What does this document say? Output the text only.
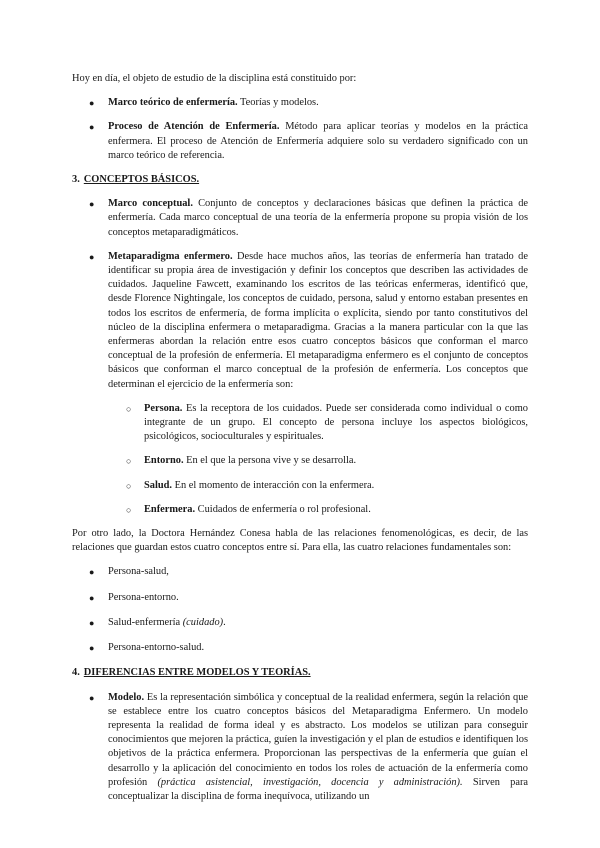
Hoy en día, el objeto de estudio de la disciplina está constituido por:

● Marco teórico de enfermería. Teorías y modelos.
● Proceso de Atención de Enfermería. Método para aplicar teorías y modelos en la práctica enfermera. El proceso de Atención de Enfermería adquiere solo su verdadero significado con un marco teórico de referencia.

3. CONCEPTOS BÁSICOS.

● Marco conceptual. Conjunto de conceptos y declaraciones básicas que definen la práctica de enfermería. Cada marco conceptual de una teoría de la enfermería propone su propia visión de los conceptos metaparadigmáticos.
● Metaparadigma enfermero. Desde hace muchos años, las teorías de enfermería han tratado de identificar su propia área de investigación y definir los conceptos que describen las actividades de cuidados. Jaqueline Fawcett, examinando los escritos de las teóricas enfermeras, identificó que, desde Florence Nightingale, los conceptos de cuidado, persona, salud y entorno estaban presentes en todos los escritos de enfermería, de forma implícita o explícita, siendo por tanto constitutivos del núcleo de la disciplina enfermera o metaparadigma. Gracias a la manera particular con la que las enfermeras abordan la relación entre esos cuatro conceptos básicos que conforman el marco conceptual de la profesión de enfermería. El metaparadigma enfermero es el conjunto de conceptos básicos que conforman el marco conceptual de la profesión de enfermería. Los conceptos que determinan el ejercicio de la enfermería son:
○ Persona. Es la receptora de los cuidados. Puede ser considerada como individual o como integrante de un grupo. El concepto de persona incluye los aspectos biológicos, psicológicos, socioculturales y espirituales.
○ Entorno. En el que la persona vive y se desarrolla.
○ Salud. En el momento de interacción con la enfermera.
○ Enfermera. Cuidados de enfermería o rol profesional.

Por otro lado, la Doctora Hernández Conesa habla de las relaciones fenomenológicas, es decir, de las relaciones que guardan estos cuatro conceptos entre sí. Para ella, las cuatro relaciones fundamentales son:

● Persona-salud,
● Persona-entorno.
● Salud-enfermería (cuidado).
● Persona-entorno-salud.

4. DIFERENCIAS ENTRE MODELOS Y TEORÍAS.

● Modelo. Es la representación simbólica y conceptual de la realidad enfermera, según la relación que se establece entre los cuatro conceptos básicos del Metaparadigma Enfermero. Un modelo representa la realidad de forma ideal y es abstracto. Los modelos se utilizan para conseguir conocimientos que mejoren la práctica, guíen la investigación y el plan de estudios e identifiquen los objetivos de la práctica enfermera. Proporcionan las perspectivas de la enfermería que guían el desarrollo y la aplicación del conocimiento en todos los roles de actuación de la enfermería como profesión (práctica asistencial, investigación, docencia y administración). Sirven para conceptualizar la disciplina de forma inequívoca, utilizando un
